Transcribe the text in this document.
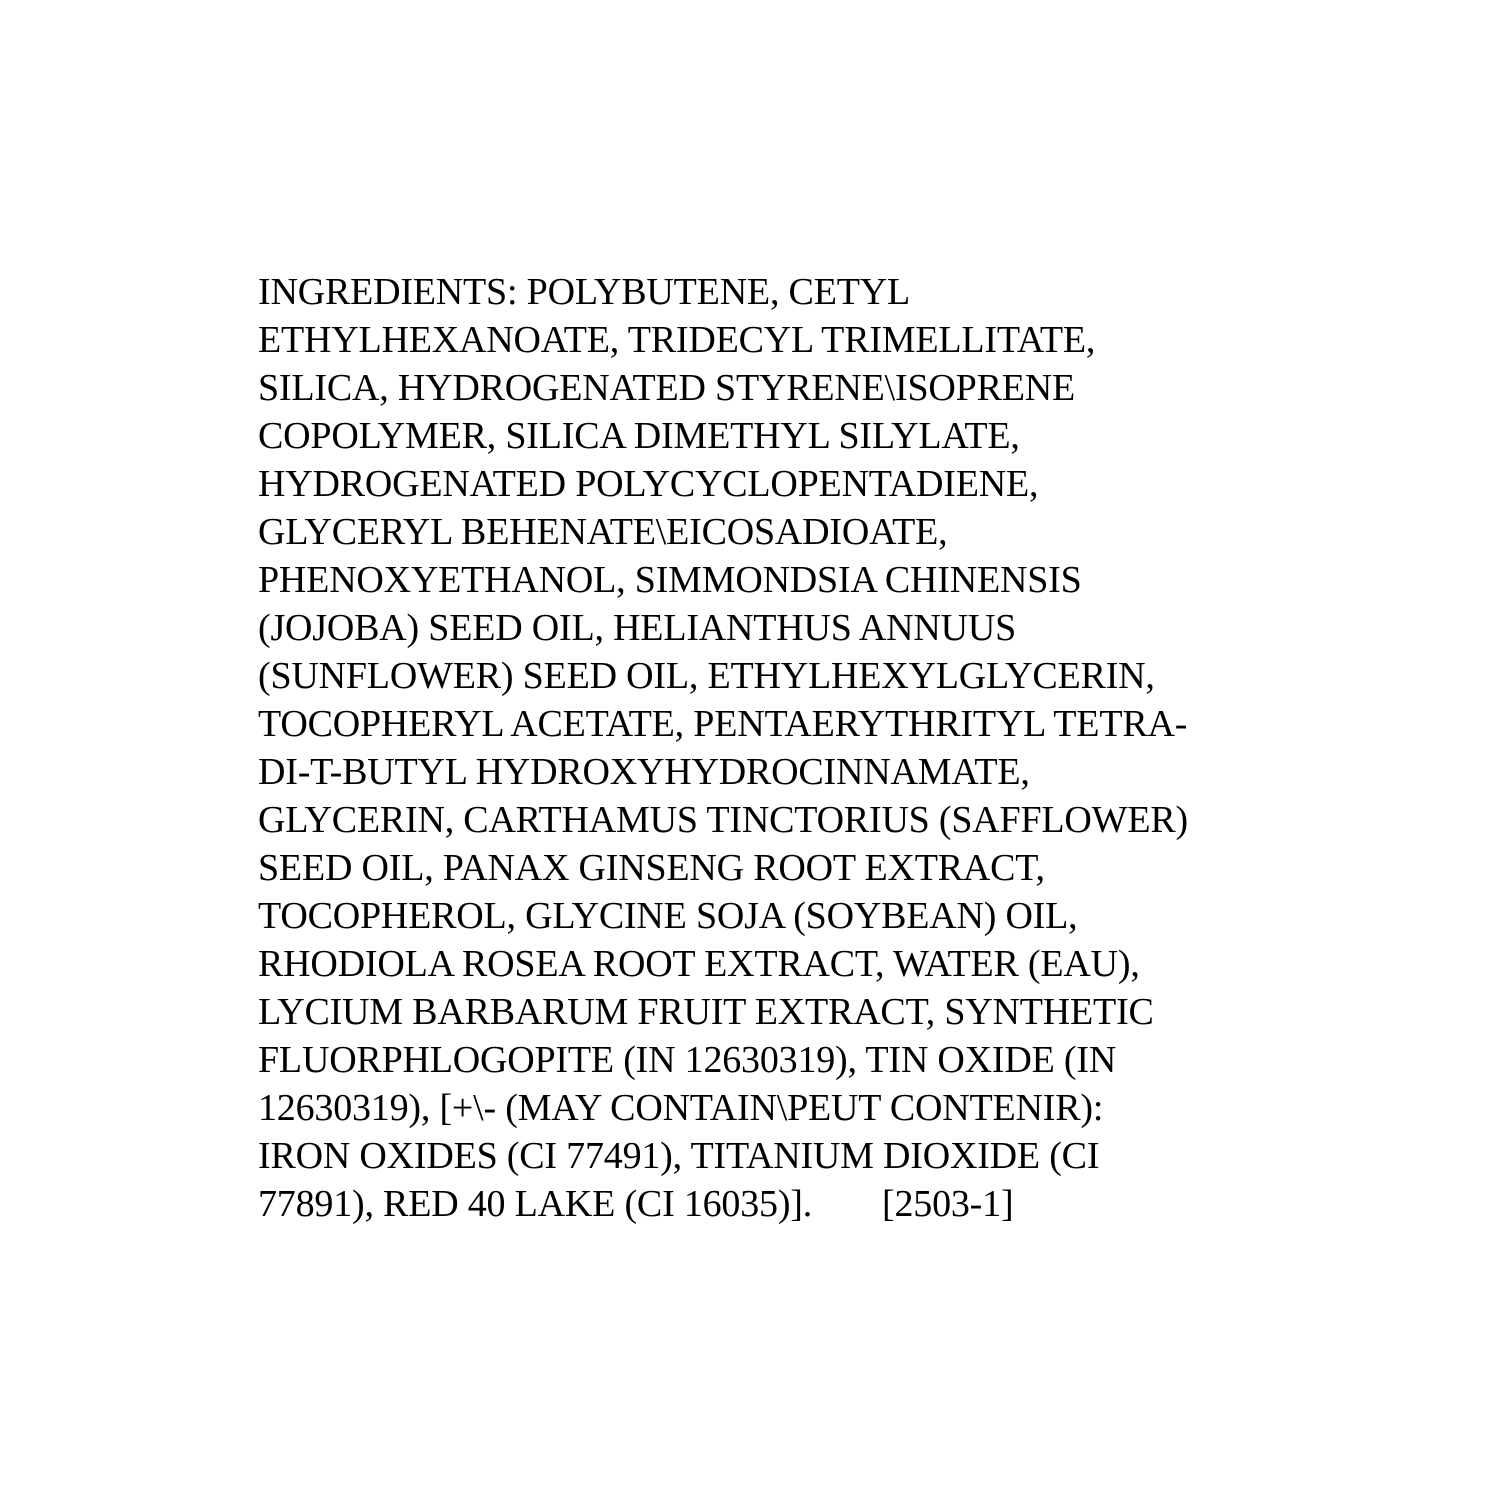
INGREDIENTS: POLYBUTENE, CETYL
ETHYLHEXANOATE, TRIDECYL TRIMELLITATE,
SILICA, HYDROGENATED STYRENE\ISOPRENE
COPOLYMER, SILICA DIMETHYL SILYLATE,
HYDROGENATED POLYCYCLOPENTADIENE,
GLYCERYL BEHENATE\EICOSADIOATE,
PHENOXYETHANOL, SIMMONDSIA CHINENSIS
(JOJOBA) SEED OIL, HELIANTHUS ANNUUS
(SUNFLOWER) SEED OIL, ETHYLHEXYLGLYCERIN,
TOCOPHERYL ACETATE, PENTAERYTHRITYL TETRA-
DI-T-BUTYL HYDROXYHYDROCINNAMATE,
GLYCERIN, CARTHAMUS TINCTORIUS (SAFFLOWER)
SEED OIL, PANAX GINSENG ROOT EXTRACT,
TOCOPHEROL, GLYCINE SOJA (SOYBEAN) OIL,
RHODIOLA ROSEA ROOT EXTRACT, WATER (EAU),
LYCIUM BARBARUM FRUIT EXTRACT, SYNTHETIC
FLUORPHLOGOPITE (IN 12630319), TIN OXIDE (IN
12630319), [+\- (MAY CONTAIN\PEUT CONTENIR):
IRON OXIDES (CI 77491), TITANIUM DIOXIDE (CI
77891), RED 40 LAKE (CI 16035)]. [2503-1]
